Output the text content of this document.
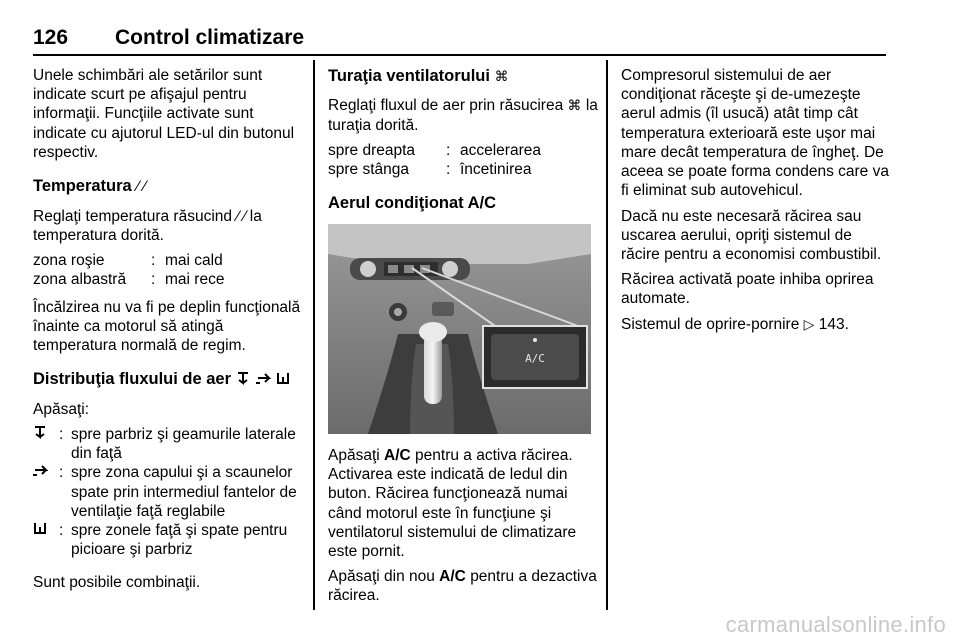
126 Control climatizare

Unele schimbări ale setărilor sunt indicate scurt pe afişajul pentru informaţii. Funcţiile activate sunt indicate cu ajutorul LED-ul din butonul respectiv.

Temperatura ⁄ ⁄

Reglaţi temperatura răsucind ⁄ ⁄ la temperatura dorită.

zona roşie	: mai cald
zona albastră	: mai rece

Încălzirea nu va fi pe deplin funcţională înainte ca motorul să atingă temperatura normală de regim.

Distribuţia fluxului de aer

Apăsaţi:

: spre parbriz şi geamurile laterale din faţă
: spre zona capului şi a scaunelor spate prin intermediul fantelor de ventilaţie faţă reglabile
: spre zonele faţă şi spate pentru picioare şi parbriz

Sunt posibile combinaţii.

Turaţia ventilatorului ⌘

Reglaţi fluxul de aer prin răsucirea ⌘ la turaţia dorită.

spre dreapta	: accelerarea
spre stânga	: încetinirea
Aerul condiţionat A/C
A/C

Apăsaţi A/C pentru a activa răcirea. Activarea este indicată de ledul din buton. Răcirea funcţionează numai când motorul este în funcţiune şi ventilatorul sistemului de climatizare este pornit.

Apăsaţi din nou A/C pentru a dezactiva răcirea.

Compresorul sistemului de aer condiţionat răceşte şi de-umezeşte aerul admis (îl usucă) atât timp cât temperatura exterioară este uşor mai mare decât temperatura de îngheţ. De aceea se poate forma condens care va fi eliminat sub autovehicul.

Dacă nu este necesară răcirea sau uscarea aerului, opriţi sistemul de răcire pentru a economisi combustibil.

Răcirea activată poate inhiba oprirea automate.

Sistemul de oprire-pornire ▷ 143.

carmanualsonline.info
